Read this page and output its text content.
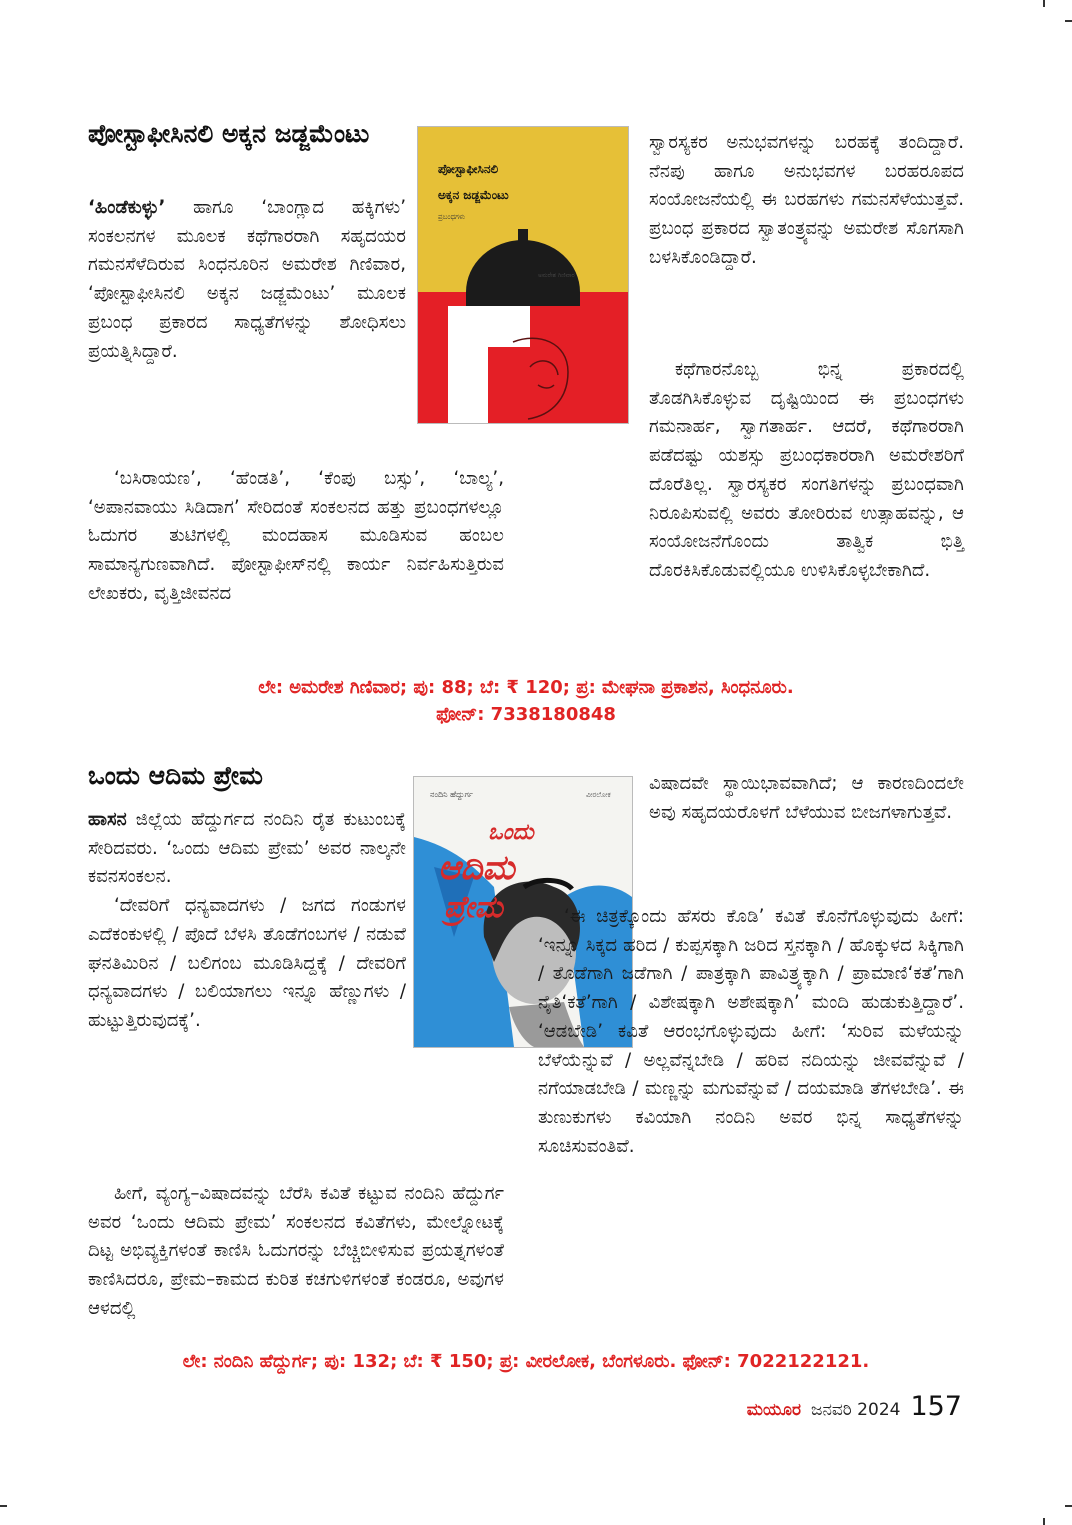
ಪೋಸ್ಟಾಫೀಸಿನಲಿ ಅಕ್ಕನ ಜಡ್ಜಮೆಂಟು

‘ಹಿಂಡೆಕುಳ್ಳು’ ಹಾಗೂ ‘ಬಾಂಗ್ಲಾದ ಹಕ್ಕಿಗಳು’ ಸಂಕಲನಗಳ ಮೂಲಕ ಕಥೆಗಾರರಾಗಿ ಸಹೃದಯರ ಗಮನಸೆಳೆದಿರುವ ಸಿಂಧನೂರಿನ ಅಮರೇಶ ಗಿಣಿವಾರ, ‘ಪೋಸ್ಟಾಫೀಸಿನಲಿ ಅಕ್ಕನ ಜಡ್ಜಮೆಂಟು’ ಮೂಲಕ ಪ್ರಬಂಧ ಪ್ರಕಾರದ ಸಾಧ್ಯತೆಗಳನ್ನು ಶೋಧಿಸಲು ಪ್ರಯತ್ನಿಸಿದ್ದಾರೆ.

‘ಬಸಿರಾಯಣ’, ‘ಹೆಂಡತಿ’, ‘ಕೆಂಪು ಬಸ್ಸು’, ‘ಬಾಲ್ಯ’, ‘ಅಪಾನವಾಯು ಸಿಡಿದಾಗ’ ಸೇರಿದಂತೆ ಸಂಕಲನದ ಹತ್ತು ಪ್ರಬಂಧಗಳಲ್ಲೂ ಓದುಗರ ತುಟಿಗಳಲ್ಲಿ ಮಂದಹಾಸ ಮೂಡಿಸುವ ಹಂಬಲ ಸಾಮಾನ್ಯಗುಣವಾಗಿದೆ. ಪೋಸ್ಟಾಫೀಸ್‌ನಲ್ಲಿ ಕಾರ್ಯ ನಿರ್ವಹಿಸುತ್ತಿರುವ ಲೇಖಕರು, ವೃತ್ತಿಜೀವನದ

ಪೋಸ್ಟಾಫೀಸಿನಲಿ
ಅಕ್ಕನ ಜಡ್ಜಮೆಂಟು
ಪ್ರಬಂಧಗಳು
ಅಮರೇಶ ಗಿಣಿವಾರ

ಸ್ವಾರಸ್ಯಕರ ಅನುಭವಗಳನ್ನು ಬರಹಕ್ಕೆ ತಂದಿದ್ದಾರೆ. ನೆನಪು ಹಾಗೂ ಅನುಭವಗಳ ಬರಹರೂಪದ ಸಂಯೋಜನೆಯಲ್ಲಿ ಈ ಬರಹಗಳು ಗಮನಸೆಳೆಯುತ್ತವೆ. ಪ್ರಬಂಧ ಪ್ರಕಾರದ ಸ್ವಾತಂತ್ರ್ಯವನ್ನು ಅಮರೇಶ ಸೊಗಸಾಗಿ ಬಳಸಿಕೊಂಡಿದ್ದಾರೆ.

ಕಥೆಗಾರನೊಬ್ಬ ಭಿನ್ನ ಪ್ರಕಾರದಲ್ಲಿ ತೊಡಗಿಸಿಕೊಳ್ಳುವ ದೃಷ್ಟಿಯಿಂದ ಈ ಪ್ರಬಂಧಗಳು ಗಮನಾರ್ಹ, ಸ್ವಾಗತಾರ್ಹ. ಆದರೆ, ಕಥೆಗಾರರಾಗಿ ಪಡೆದಷ್ಟು ಯಶಸ್ಸು ಪ್ರಬಂಧಕಾರರಾಗಿ ಅಮರೇಶರಿಗೆ ದೊರೆತಿಲ್ಲ. ಸ್ವಾರಸ್ಯಕರ ಸಂಗತಿಗಳನ್ನು ಪ್ರಬಂಧವಾಗಿ ನಿರೂಪಿಸುವಲ್ಲಿ ಅವರು ತೋರಿರುವ ಉತ್ಸಾಹವನ್ನು, ಆ ಸಂಯೋಜನೆಗೊಂದು ತಾತ್ವಿಕ ಭಿತ್ತಿ ದೊರಕಿಸಿಕೊಡುವಲ್ಲಿಯೂ ಉಳಿಸಿಕೊಳ್ಳಬೇಕಾಗಿದೆ.

ಲೇ: ಅಮರೇಶ ಗಿಣಿವಾರ; ಪು: 88; ಬೆ: ₹ 120; ಪ್ರ: ಮೇಘನಾ ಪ್ರಕಾಶನ, ಸಿಂಧನೂರು.
ಫೋನ್: 7338180848
ಒಂದು ಆದಿಮ ಪ್ರೇಮ

ಹಾಸನ ಜಿಲ್ಲೆಯ ಹೆದ್ದುರ್ಗದ ನಂದಿನಿ ರೈತ ಕುಟುಂಬಕ್ಕೆ ಸೇರಿದವರು. ‘ಒಂದು ಆದಿಮ ಪ್ರೇಮ’ ಅವರ ನಾಲ್ಕನೇ ಕವನಸಂಕಲನ.

‘ದೇವರಿಗೆ ಧನ್ಯವಾದಗಳು / ಜಗದ ಗಂಡುಗಳ ಎದೆಕಂಕುಳಲ್ಲಿ / ಪೊದೆ ಬೆಳಸಿ ತೊಡೆಗಂಬಗಳ / ನಡುವೆ ಘನತಿಮಿರಿನ / ಬಲಿಗಂಬ ಮೂಡಿಸಿದ್ದಕ್ಕೆ / ದೇವರಿಗೆ ಧನ್ಯವಾದಗಳು / ಬಲಿಯಾಗಲು ಇನ್ನೂ ಹೆಣ್ಣುಗಳು / ಹುಟ್ಟುತ್ತಿರುವುದಕ್ಕೆ’.

ಹೀಗೆ, ವ್ಯಂಗ್ಯ–ವಿಷಾದವನ್ನು ಬೆರೆಸಿ ಕವಿತೆ ಕಟ್ಟುವ ನಂದಿನಿ ಹೆದ್ದುರ್ಗ ಅವರ ‘ಒಂದು ಆದಿಮ ಪ್ರೇಮ’ ಸಂಕಲನದ ಕವಿತೆಗಳು, ಮೇಲ್ನೋಟಕ್ಕೆ ದಿಟ್ಟ ಅಭಿವ್ಯಕ್ತಿಗಳಂತೆ ಕಾಣಿಸಿ ಓದುಗರನ್ನು ಬೆಚ್ಚಿಬೀಳಿಸುವ ಪ್ರಯತ್ನಗಳಂತೆ ಕಾಣಿಸಿದರೂ, ಪ್ರೇಮ–ಕಾಮದ ಕುರಿತ ಕಚಗುಳಿಗಳಂತೆ ಕಂಡರೂ, ಅವುಗಳ ಆಳದಲ್ಲಿ

ನಂದಿನಿ ಹೆದ್ದುರ್ಗ	ವೀರಲೋಕ
ಒಂದು
ಆದಿಮ
ಪ್ರೇಮ

ವಿಷಾದವೇ ಸ್ಥಾಯಿಭಾವವಾಗಿದೆ; ಆ ಕಾರಣದಿಂದಲೇ ಅವು ಸಹೃದಯರೊಳಗೆ ಬೆಳೆಯುವ ಬೀಜಗಳಾಗುತ್ತವೆ.

‘ಈ ಚಿತ್ರಕ್ಕೊಂದು ಹೆಸರು ಕೊಡಿ’ ಕವಿತೆ ಕೊನೆಗೊಳ್ಳುವುದು ಹೀಗೆ: ‘ಇನ್ನೂ ಸಿಕ್ಕದ ಹರಿದ / ಕುಪ್ಪಸಕ್ಕಾಗಿ ಜರಿದ ಸ್ತನಕ್ಕಾಗಿ / ಹೊಕ್ಕುಳದ ಸಿಕ್ಕಿಗಾಗಿ / ತೊಡೆಗಾಗಿ ಜಡೆಗಾಗಿ / ಪಾತ್ರಕ್ಕಾಗಿ ಪಾವಿತ್ರ್ಯಕ್ಕಾಗಿ / ಪ್ರಾಮಾಣಿ‘ಕತೆ’ಗಾಗಿ ನೈತಿ‘ಕತೆ’ಗಾಗಿ / ವಿಶೇಷಕ್ಕಾಗಿ ಅಶೇಷಕ್ಕಾಗಿ’ ಮಂದಿ ಹುಡುಕುತ್ತಿದ್ದಾರೆ’. ‘ಆಡಬೇಡಿ’ ಕವಿತೆ ಆರಂಭಗೊಳ್ಳುವುದು ಹೀಗೆ: ‘ಸುರಿವ ಮಳೆಯನ್ನು ಬೆಳೆಯೆನ್ನುವೆ / ಅಲ್ಲವೆನ್ನಬೇಡಿ / ಹರಿವ ನದಿಯನ್ನು ಜೀವವೆನ್ನುವೆ / ನಗೆಯಾಡಬೇಡಿ / ಮಣ್ಣನ್ನು ಮಗುವೆನ್ನುವೆ / ದಯಮಾಡಿ ತೆಗಳಬೇಡಿ’. ಈ ತುಣುಕುಗಳು ಕವಿಯಾಗಿ ನಂದಿನಿ ಅವರ ಭಿನ್ನ ಸಾಧ್ಯತೆಗಳನ್ನು ಸೂಚಿಸುವಂತಿವೆ.

ಲೇ: ನಂದಿನಿ ಹೆದ್ದುರ್ಗ; ಪು: 132; ಬೆ: ₹ 150; ಪ್ರ: ವೀರಲೋಕ, ಬೆಂಗಳೂರು. ಫೋನ್: 7022122121.
ಮಯೂರ ಜನವರಿ 2024 157
